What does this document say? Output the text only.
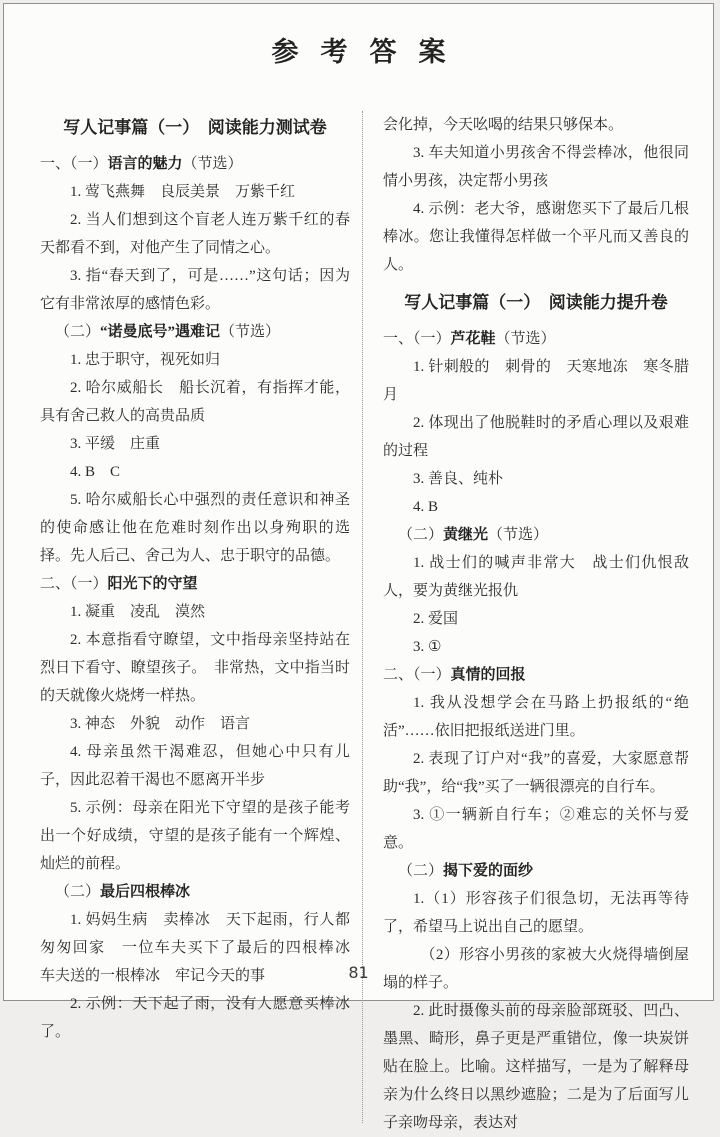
参考答案

写人记事篇（一）　阅读能力测试卷

一、（一）语言的魅力（节选）

1. 莺飞燕舞　良辰美景　万紫千红

2. 当人们想到这个盲老人连万紫千红的春天都看不到，对他产生了同情之心。

3. 指“春天到了，可是……”这句话；因为它有非常浓厚的感情色彩。

（二）“诺曼底号”遇难记（节选）

1. 忠于职守，视死如归

2. 哈尔威船长　船长沉着，有指挥才能，具有舍己救人的高贵品质

3. 平缓　庄重

4. B　C

5. 哈尔威船长心中强烈的责任意识和神圣的使命感让他在危难时刻作出以身殉职的选择。先人后己、舍己为人、忠于职守的品德。

二、（一）阳光下的守望

1. 凝重　凌乱　漠然

2. 本意指看守瞭望，文中指母亲坚持站在烈日下看守、瞭望孩子。　非常热，文中指当时的天就像火烧烤一样热。

3. 神态　外貌　动作　语言

4. 母亲虽然干渴难忍，但她心中只有儿子，因此忍着干渴也不愿离开半步

5. 示例：母亲在阳光下守望的是孩子能考出一个好成绩，守望的是孩子能有一个辉煌、灿烂的前程。

（二）最后四根棒冰

1. 妈妈生病　卖棒冰　天下起雨，行人都匆匆回家　一位车夫买下了最后的四根棒冰　车夫送的一根棒冰　牢记今天的事

2. 示例：天下起了雨，没有人愿意买棒冰了。

会化掉，今天吆喝的结果只够保本。

3. 车夫知道小男孩舍不得尝棒冰，他很同情小男孩，决定帮小男孩

4. 示例：老大爷，感谢您买下了最后几根棒冰。您让我懂得怎样做一个平凡而又善良的人。

写人记事篇（一）　阅读能力提升卷

一、（一）芦花鞋（节选）

1. 针刺般的　刺骨的　天寒地冻　寒冬腊月

2. 体现出了他脱鞋时的矛盾心理以及艰难的过程

3. 善良、纯朴

4. B

（二）黄继光（节选）

1. 战士们的喊声非常大　战士们仇恨敌人，要为黄继光报仇

2. 爱国

3. ①

二、（一）真情的回报

1. 我从没想学会在马路上扔报纸的“绝活”……依旧把报纸送进门里。

2. 表现了订户对“我”的喜爱，大家愿意帮助“我”，给“我”买了一辆很漂亮的自行车。

3. ①一辆新自行车；②难忘的关怀与爱意。

（二）揭下爱的面纱

1.（1）形容孩子们很急切，无法再等待了，希望马上说出自己的愿望。

（2）形容小男孩的家被大火烧得墙倒屋塌的样子。

2. 此时摄像头前的母亲脸部斑驳、凹凸、墨黑、畸形，鼻子更是严重错位，像一块炭饼贴在脸上。比喻。这样描写，一是为了解释母亲为什么终日以黑纱遮脸；二是为了后面写儿子亲吻母亲，表达对

81
